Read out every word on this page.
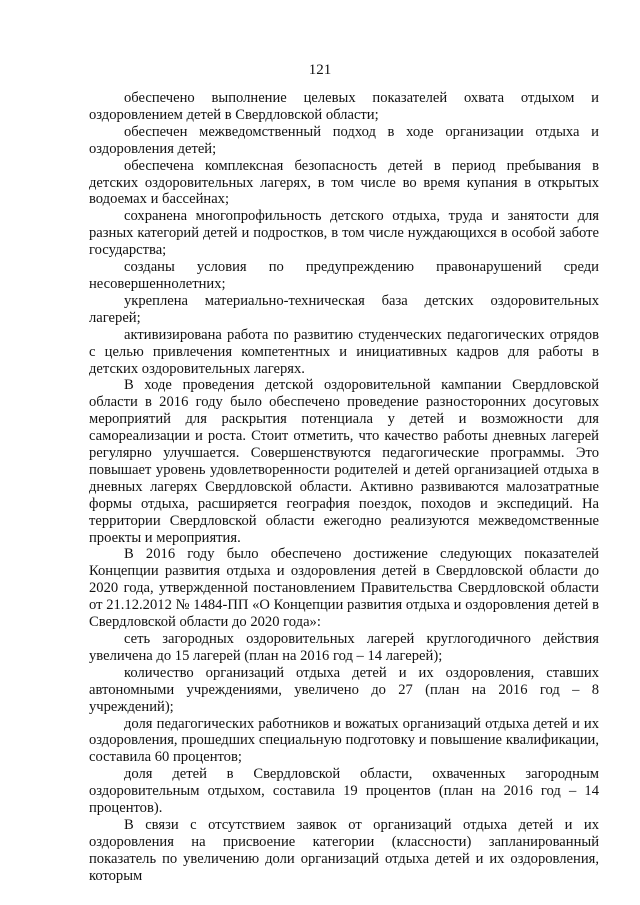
121

обеспечено выполнение целевых показателей охвата отдыхом и оздоровлением детей в Свердловской области;

обеспечен межведомственный подход в ходе организации отдыха и оздоровления детей;

обеспечена комплексная безопасность детей в период пребывания в детских оздоровительных лагерях, в том числе во время купания в открытых водоемах и бассейнах;

сохранена многопрофильность детского отдыха, труда и занятости для разных категорий детей и подростков, в том числе нуждающихся в особой заботе государства;

созданы условия по предупреждению правонарушений среди несовершеннолетних;

укреплена материально-техническая база детских оздоровительных лагерей;

активизирована работа по развитию студенческих педагогических отрядов с целью привлечения компетентных и инициативных кадров для работы в детских оздоровительных лагерях.

В ходе проведения детской оздоровительной кампании Свердловской области в 2016 году было обеспечено проведение разносторонних досуговых мероприятий для раскрытия потенциала у детей и возможности для самореализации и роста. Стоит отметить, что качество работы дневных лагерей регулярно улучшается. Совершенствуются педагогические программы. Это повышает уровень удовлетворенности родителей и детей организацией отдыха в дневных лагерях Свердловской области. Активно развиваются малозатратные формы отдыха, расширяется география поездок, походов и экспедиций. На территории Свердловской области ежегодно реализуются межведомственные проекты и мероприятия.

В 2016 году было обеспечено достижение следующих показателей Концепции развития отдыха и оздоровления детей в Свердловской области до 2020 года, утвержденной постановлением Правительства Свердловской области от 21.12.2012 № 1484-ПП «О Концепции развития отдыха и оздоровления детей в Свердловской области до 2020 года»:

сеть загородных оздоровительных лагерей круглогодичного действия увеличена до 15 лагерей (план на 2016 год – 14 лагерей);

количество организаций отдыха детей и их оздоровления, ставших автономными учреждениями, увеличено до 27 (план на 2016 год – 8 учреждений);

доля педагогических работников и вожатых организаций отдыха детей и их оздоровления, прошедших специальную подготовку и повышение квалификации, составила 60 процентов;

доля детей в Свердловской области, охваченных загородным оздоровительным отдыхом, составила 19 процентов (план на 2016 год – 14 процентов).

В связи с отсутствием заявок от организаций отдыха детей и их оздоровления на присвоение категории (классности) запланированный показатель по увеличению доли организаций отдыха детей и их оздоровления, которым
